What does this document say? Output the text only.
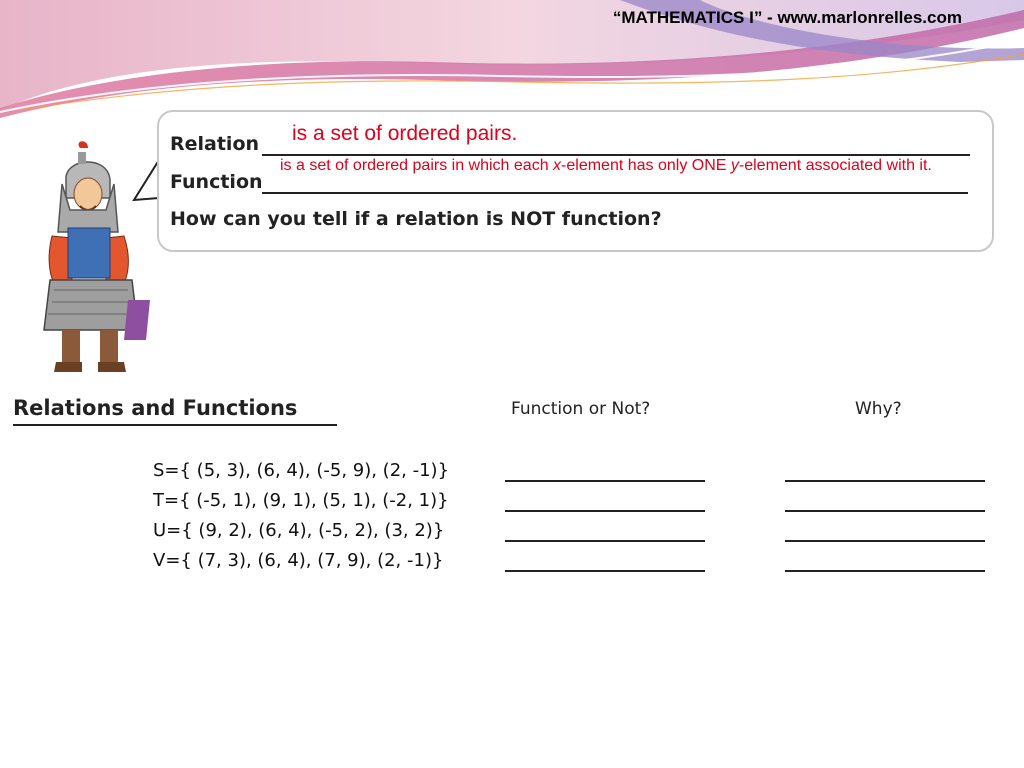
“MATHEMATICS I” - www.marlonrelles.com
Relation
Function
How can you tell if a relation is NOT function?
is a set of ordered pairs.
is a set of ordered pairs in which each x-element has only ONE y-element associated with it.
Relations and Functions	Function or Not?	Why?
S={ (5, 3), (6, 4), (-5, 9), (2, -1)}
T={ (-5, 1), (9, 1), (5, 1), (-2, 1)}
U={ (9, 2), (6, 4), (-5, 2), (3, 2)}
V={ (7, 3), (6, 4), (7, 9), (2, -1)}
